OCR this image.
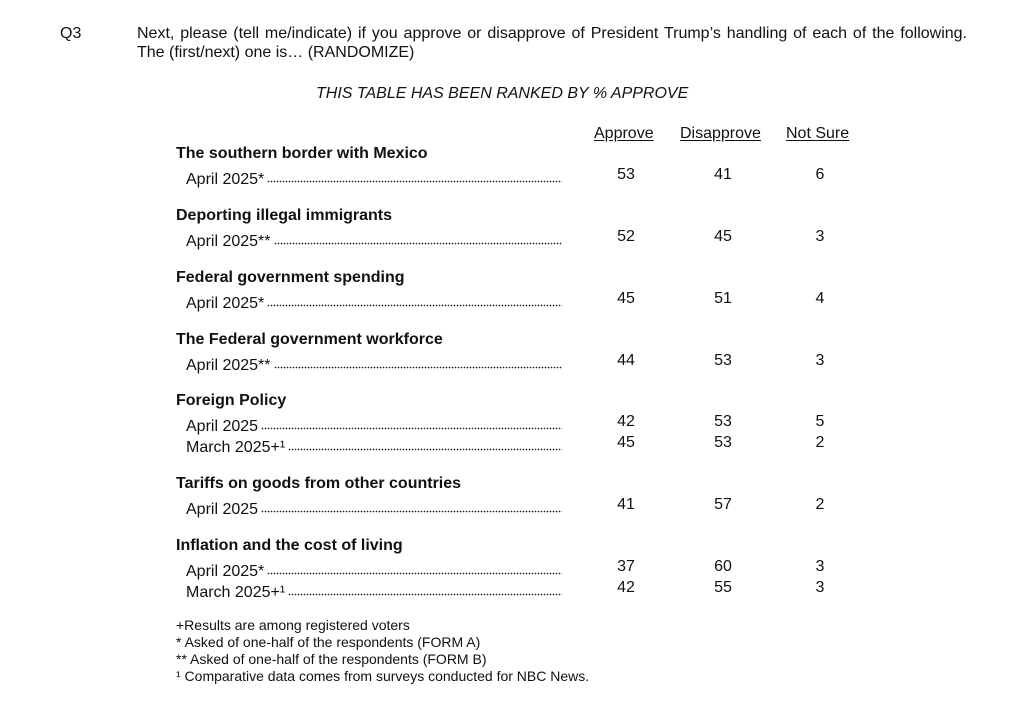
Q3	Next, please (tell me/indicate) if you approve or disapprove of President Trump’s handling of each of the following. The (first/next) one is… (RANDOMIZE)
THIS TABLE HAS BEEN RANKED BY % APPROVE
Approve Disapprove Not Sure
The southern border with Mexico
April 2025*	53	41	6
Deporting illegal immigrants
April 2025**	52	45	3
Federal government spending
April 2025*	45	51	4
The Federal government workforce
April 2025**	44	53	3
Foreign Policy
April 2025	42	53	5
March 2025+¹	45	53	2
Tariffs on goods from other countries
April 2025	41	57	2
Inflation and the cost of living
April 2025*	37	60	3
March 2025+¹	42	55	3
+Results are among registered voters
* Asked of one-half of the respondents (FORM A)
** Asked of one-half of the respondents (FORM B)
¹ Comparative data comes from surveys conducted for NBC News.
